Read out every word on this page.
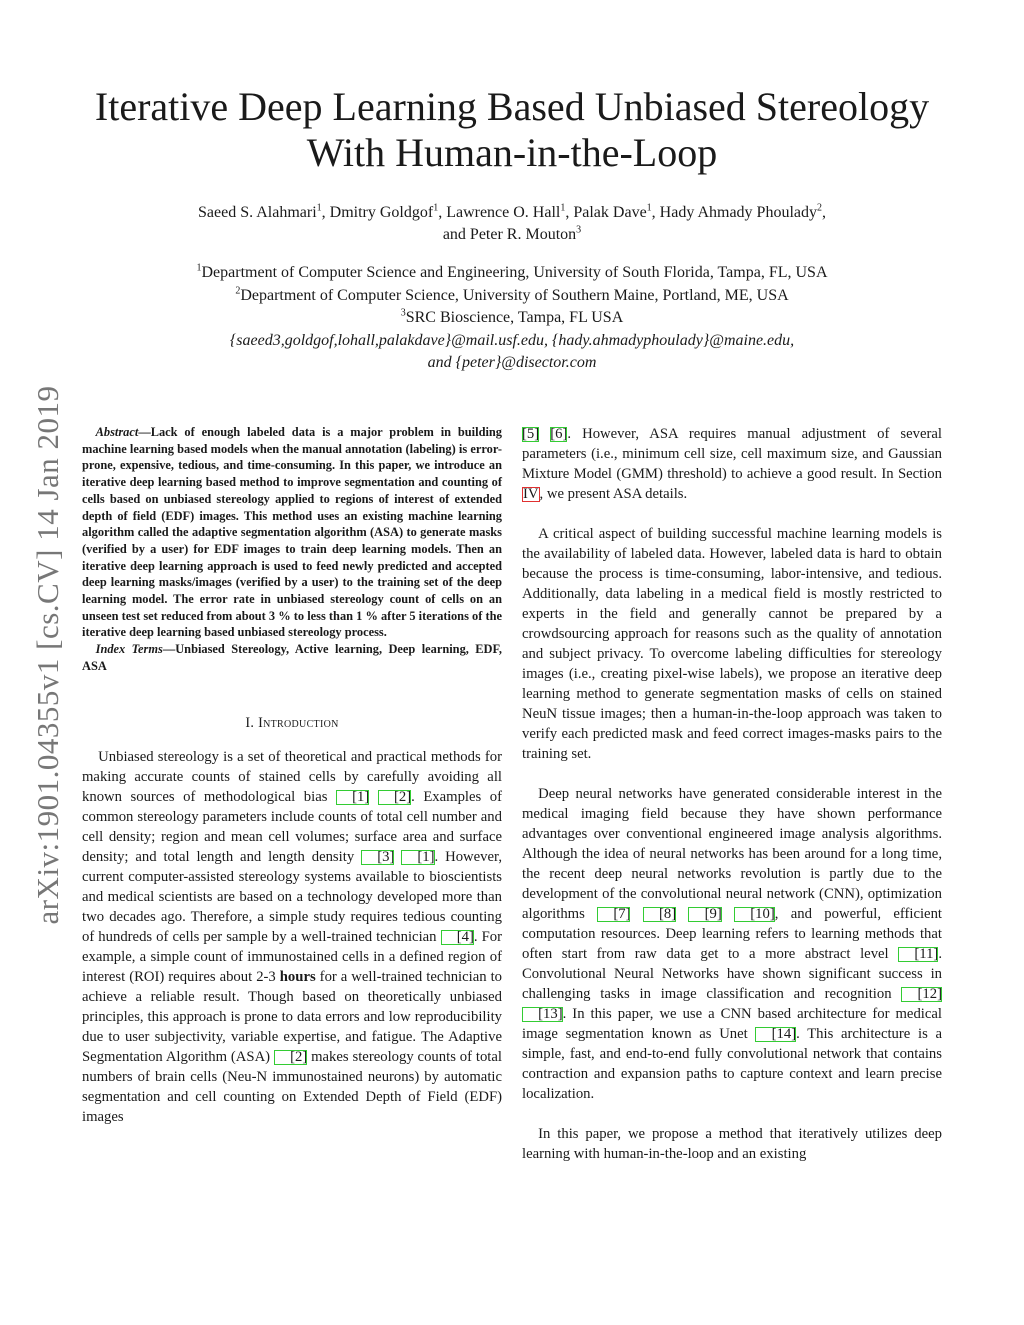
arXiv:1901.04355v1 [cs.CV] 14 Jan 2019
Iterative Deep Learning Based Unbiased Stereology
With Human-in-the-Loop
Saeed S. Alahmari$^1$, Dmitry Goldgof$^1$, Lawrence O. Hall$^1$, Palak Dave$^1$, Hady Ahmady Phoulady$^2$,
and Peter R. Mouton$^3$
$^1$Department of Computer Science and Engineering, University of South Florida, Tampa, FL, USA
$^2$Department of Computer Science, University of Southern Maine, Portland, ME, USA
$^3$SRC Bioscience, Tampa, FL USA
{saeed3,goldgof,lohall,palakdave}@mail.usf.edu, {hady.ahmadyphoulady}@maine.edu,
and {peter}@disector.com

Abstract—Lack of enough labeled data is a major problem in building machine learning based models when the manual annotation (labeling) is error-prone, expensive, tedious, and time-consuming. In this paper, we introduce an iterative deep learning based method to improve segmentation and counting of cells based on unbiased stereology applied to regions of interest of extended depth of field (EDF) images. This method uses an existing machine learning algorithm called the adaptive segmentation algorithm (ASA) to generate masks (verified by a user) for EDF images to train deep learning models. Then an iterative deep learning approach is used to feed newly predicted and accepted deep learning masks/images (verified by a user) to the training set of the deep learning model. The error rate in unbiased stereology count of cells on an unseen test set reduced from about 3 % to less than 1 % after 5 iterations of the iterative deep learning based unbiased stereology process.

Index Terms—Unbiased Stereology, Active learning, Deep learning, EDF, ASA

I. Introduction

Unbiased stereology is a set of theoretical and practical methods for making accurate counts of stained cells by carefully avoiding all known sources of methodological bias [1] [2]. Examples of common stereology parameters include counts of total cell number and cell density; region and mean cell volumes; surface area and surface density; and total length and length density [3] [1]. However, current computer-assisted stereology systems available to bioscientists and medical scientists are based on a technology developed more than two decades ago. Therefore, a simple study requires tedious counting of hundreds of cells per sample by a well-trained technician [4]. For example, a simple count of immunostained cells in a defined region of interest (ROI) requires about 2-3 hours for a well-trained technician to achieve a reliable result. Though based on theoretically unbiased principles, this approach is prone to data errors and low reproducibility due to user subjectivity, variable expertise, and fatigue. The Adaptive Segmentation Algorithm (ASA) [2] makes stereology counts of total numbers of brain cells (Neu-N immunostained neurons) by automatic segmentation and cell counting on Extended Depth of Field (EDF) images

[5] [6]. However, ASA requires manual adjustment of several parameters (i.e., minimum cell size, cell maximum size, and Gaussian Mixture Model (GMM) threshold) to achieve a good result. In Section IV, we present ASA details.

A critical aspect of building successful machine learning models is the availability of labeled data. However, labeled data is hard to obtain because the process is time-consuming, labor-intensive, and tedious. Additionally, data labeling in a medical field is mostly restricted to experts in the field and generally cannot be prepared by a crowdsourcing approach for reasons such as the quality of annotation and subject privacy. To overcome labeling difficulties for stereology images (i.e., creating pixel-wise labels), we propose an iterative deep learning method to generate segmentation masks of cells on stained NeuN tissue images; then a human-in-the-loop approach was taken to verify each predicted mask and feed correct images-masks pairs to the training set.

Deep neural networks have generated considerable interest in the medical imaging field because they have shown performance advantages over conventional engineered image analysis algorithms. Although the idea of neural networks has been around for a long time, the recent deep neural networks revolution is partly due to the development of the convolutional neural network (CNN), optimization algorithms [7] [8] [9] [10], and powerful, efficient computation resources. Deep learning refers to learning methods that often start from raw data get to a more abstract level [11]. Convolutional Neural Networks have shown significant success in challenging tasks in image classification and recognition [12] [13]. In this paper, we use a CNN based architecture for medical image segmentation known as Unet [14]. This architecture is a simple, fast, and end-to-end fully convolutional network that contains contraction and expansion paths to capture context and learn precise localization.

In this paper, we propose a method that iteratively utilizes deep learning with human-in-the-loop and an existing
